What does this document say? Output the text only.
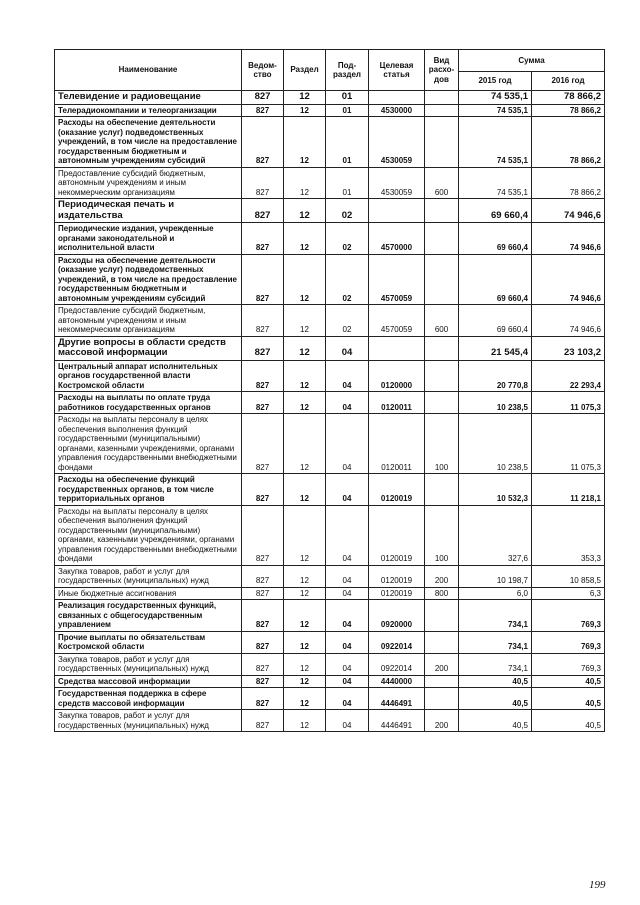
Наименование	Ведом-ство	Раздел	Под-раздел	Целевая статья	Вид расхо-дов	Сумма	
						2015 год	2016 год
Телевидение и радиовещание	827	12	01			74 535,1	78 866,2
Телерадиокомпании и телеорганизации	827	12	01	4530000		74 535,1	78 866,2
Расходы на обеспечение деятельности (оказание услуг) подведомственных учреждений, в том числе на предоставление государственным бюджетным и автономным учреждениям субсидий	827	12	01	4530059		74 535,1	78 866,2
Предоставление субсидий бюджетным, автономным учреждениям и иным некоммерческим организациям	827	12	01	4530059	600	74 535,1	78 866,2
Периодическая печать и издательства	827	12	02			69 660,4	74 946,6
Периодические издания, учрежденные органами законодательной и исполнительной власти	827	12	02	4570000		69 660,4	74 946,6
Расходы на обеспечение деятельности (оказание услуг) подведомственных учреждений, в том числе на предоставление государственным бюджетным и автономным учреждениям субсидий	827	12	02	4570059		69 660,4	74 946,6
Предоставление субсидий бюджетным, автономным учреждениям и иным некоммерческим организациям	827	12	02	4570059	600	69 660,4	74 946,6
Другие вопросы в области средств массовой информации	827	12	04			21 545,4	23 103,2
Центральный аппарат исполнительных органов государственной власти Костромской области	827	12	04	0120000		20 770,8	22 293,4
Расходы на выплаты по оплате труда работников государственных органов	827	12	04	0120011		10 238,5	11 075,3
Расходы на выплаты персоналу в целях обеспечения выполнения функций государственными (муниципальными) органами, казенными учреждениями, органами управления государственными внебюджетными фондами	827	12	04	0120011	100	10 238,5	11 075,3
Расходы на обеспечение функций государственных органов, в том числе территориальных органов	827	12	04	0120019		10 532,3	11 218,1
Расходы на выплаты персоналу в целях обеспечения выполнения функций государственными (муниципальными) органами, казенными учреждениями, органами управления государственными внебюджетными фондами	827	12	04	0120019	100	327,6	353,3
Закупка товаров, работ и услуг для государственных (муниципальных) нужд	827	12	04	0120019	200	10 198,7	10 858,5
Иные бюджетные ассигнования	827	12	04	0120019	800	6,0	6,3
Реализация государственных функций, связанных с общегосударственным управлением	827	12	04	0920000		734,1	769,3
Прочие выплаты по обязательствам Костромской области	827	12	04	0922014		734,1	769,3
Закупка товаров, работ и услуг для государственных (муниципальных) нужд	827	12	04	0922014	200	734,1	769,3
Средства массовой информации	827	12	04	4440000		40,5	40,5
Государственная поддержка в сфере средств массовой информации	827	12	04	4446491		40,5	40,5
Закупка товаров, работ и услуг для государственных (муниципальных) нужд	827	12	04	4446491	200	40,5	40,5
199
